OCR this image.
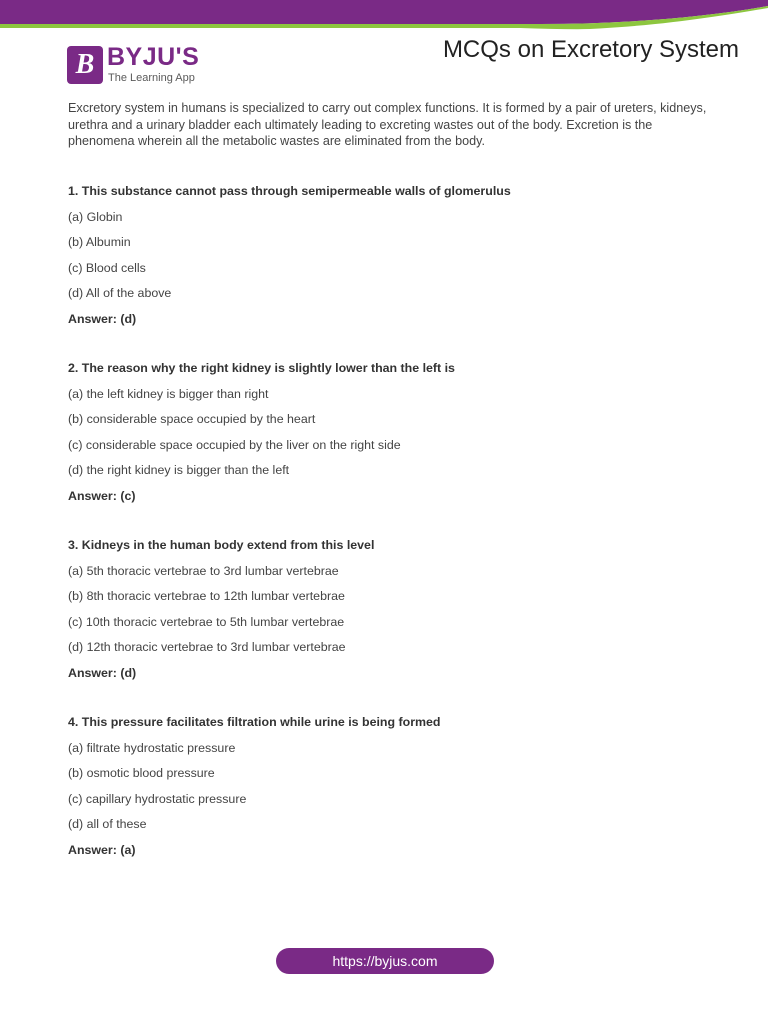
B BYJU'S
The Learning App
MCQs on Excretory System
Excretory system in humans is specialized to carry out complex functions. It is formed by a pair of ureters, kidneys, urethra and a urinary bladder each ultimately leading to excreting wastes out of the body. Excretion is the phenomena wherein all the metabolic wastes are eliminated from the body.
1. This substance cannot pass through semipermeable walls of glomerulus
(a) Globin
(b) Albumin
(c) Blood cells
(d) All of the above
Answer: (d)
2. The reason why the right kidney is slightly lower than the left is
(a) the left kidney is bigger than right
(b) considerable space occupied by the heart
(c) considerable space occupied by the liver on the right side
(d) the right kidney is bigger than the left
Answer: (c)
3. Kidneys in the human body extend from this level
(a) 5th thoracic vertebrae to 3rd lumbar vertebrae
(b) 8th thoracic vertebrae to 12th lumbar vertebrae
(c) 10th thoracic vertebrae to 5th lumbar vertebrae
(d) 12th thoracic vertebrae to 3rd lumbar vertebrae
Answer: (d)
4. This pressure facilitates filtration while urine is being formed
(a) filtrate hydrostatic pressure
(b) osmotic blood pressure
(c) capillary hydrostatic pressure
(d) all of these
Answer: (a)
https://byjus.com
